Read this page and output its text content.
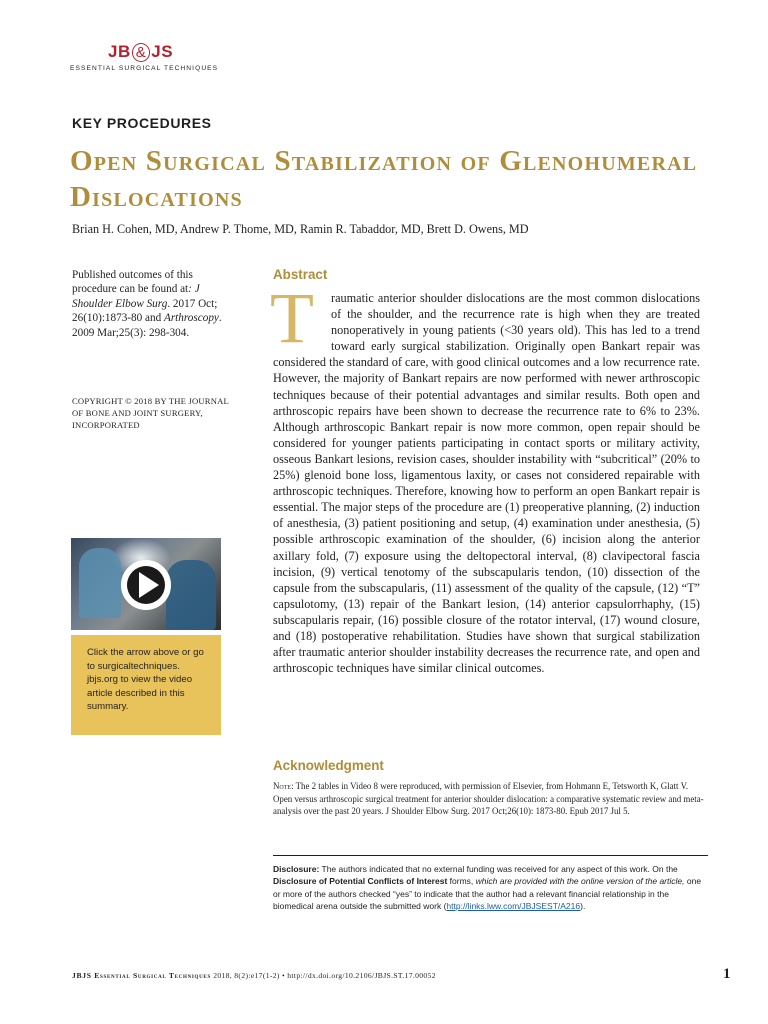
JB & JS
ESSENTIAL SURGICAL TECHNIQUES
KEY PROCEDURES
Open Surgical Stabilization of Glenohumeral Dislocations
Brian H. Cohen, MD, Andrew P. Thome, MD, Ramin R. Tabaddor, MD, Brett D. Owens, MD
Published outcomes of this procedure can be found at: J Shoulder Elbow Surg. 2017 Oct; 26(10):1873-80 and Arthroscopy. 2009 Mar;25(3): 298-304.
COPYRIGHT © 2018 BY THE JOURNAL OF BONE AND JOINT SURGERY, INCORPORATED
Click the arrow above or go to surgicaltechniques. jbjs.org to view the video article described in this summary.
Abstract
T	raumatic anterior shoulder dislocations are the most common dislocations of the shoulder, and the recurrence rate is high when they are treated nonoperatively in young patients (<30 years old). This has led to a trend toward early surgical stabilization. Originally open Bankart repair was considered the standard of care, with good clinical outcomes and a low recurrence rate. However, the majority of Bankart repairs are now performed with newer arthroscopic techniques because of their potential advantages and similar results. Both open and arthroscopic repairs have been shown to decrease the recurrence rate to 6% to 23%. Although arthroscopic Bankart repair is now more common, open repair should be considered for younger patients participating in contact sports or military activity, osseous Bankart lesions, revision cases, shoulder instability with “subcritical” (20% to 25%) glenoid bone loss, ligamentous laxity, or cases not considered repairable with arthroscopic techniques. Therefore, knowing how to perform an open Bankart repair is essential. The major steps of the procedure are (1) preoperative planning, (2) induction of anesthesia, (3) patient positioning and setup, (4) examination under anesthesia, (5) possible arthroscopic examination of the shoulder, (6) incision along the anterior axillary fold, (7) exposure using the deltopectoral interval, (8) clavipectoral fascia incision, (9) vertical tenotomy of the subscapularis tendon, (10) dissection of the capsule from the subscapularis, (11) assessment of the quality of the capsule, (12) “T” capsulotomy, (13) repair of the Bankart lesion, (14) anterior capsulorrhaphy, (15) subscapularis repair, (16) possible closure of the rotator interval, (17) wound closure, and (18) postoperative rehabilitation. Studies have shown that surgical stabilization after traumatic anterior shoulder instability decreases the recurrence rate, and open and arthroscopic techniques have similar clinical outcomes.

Acknowledgment

Note: The 2 tables in Video 8 were reproduced, with permission of Elsevier, from Hohmann E, Tetsworth K, Glatt V. Open versus arthroscopic surgical treatment for anterior shoulder dislocation: a comparative systematic review and meta-analysis over the past 20 years. J Shoulder Elbow Surg. 2017 Oct;26(10): 1873-80. Epub 2017 Jul 5.

Disclosure: The authors indicated that no external funding was received for any aspect of this work. On the Disclosure of Potential Conflicts of Interest forms, which are provided with the online version of the article, one or more of the authors checked “yes” to indicate that the author had a relevant financial relationship in the biomedical arena outside the submitted work (http://links.lww.com/JBJSEST/A216).
JBJS Essential Surgical Techniques 2018, 8(2):e17(1-2) • http://dx.doi.org/10.2106/JBJS.ST.17.00052	1
